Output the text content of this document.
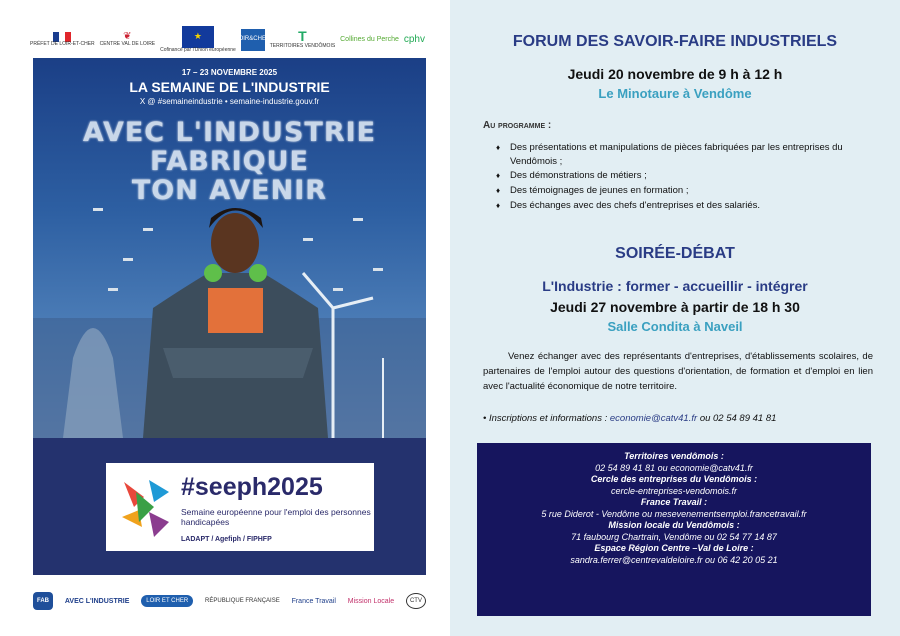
PRÉFET DE LOIR-ET-CHER
❦
CENTRE VAL DE LOIRE
★
Cofinancé par l'Union européenne
LOIR&CHER T
TERRITOIRES VENDÔMOIS
Collines du Perche cphv
17 – 23 NOVEMBRE 2025
LA SEMAINE DE L'INDUSTRIE
X @ #semaineindustrie • semaine-industrie.gouv.fr
AVEC L'INDUSTRIE
FABRIQUE
TON AVENIR
#seeph2025
Semaine européenne pour l'emploi des personnes handicapées
LADAPT / Agefiph / FIPHFP
FAB	AVEC L'INDUSTRIE	LOIR ET CHER	RÉPUBLIQUE FRANÇAISE France Travail Mission Locale	CTV
FORUM DES SAVOIR-FAIRE INDUSTRIELS
Jeudi 20 novembre de 9 h à 12 h
Le Minotaure à Vendôme
Au programme :
♦ Des présentations et manipulations de pièces fabriquées par les entreprises du Vendômois ;
♦ Des démonstrations de métiers ;
♦ Des témoignages de jeunes en formation ;
♦ Des échanges avec des chefs d'entreprises et des salariés.
SOIRÉE-DÉBAT
L'Industrie : former - accueillir - intégrer
Jeudi 27 novembre à partir de 18 h 30
Salle Condita à Naveil
Venez échanger avec des représentants d'entreprises, d'établissements scolaires, de partenaires de l'emploi autour des questions d'orientation, de formation et d'emploi en lien avec l'actualité économique de notre territoire.
• Inscriptions et informations : economie@catv41.fr ou 02 54 89 41 81
Territoires vendômois :
02 54 89 41 81 ou economie@catv41.fr
Cercle des entreprises du Vendômois :
cercle-entreprises-vendomois.fr
France Travail :
5 rue Diderot - Vendôme ou mesevenementsemploi.francetravail.fr
Mission locale du Vendômois :
71 faubourg Chartrain, Vendôme ou 02 54 77 14 87
Espace Région Centre –Val de Loire :
sandra.ferrer@centrevaldeloire.fr ou 06 42 20 05 21
